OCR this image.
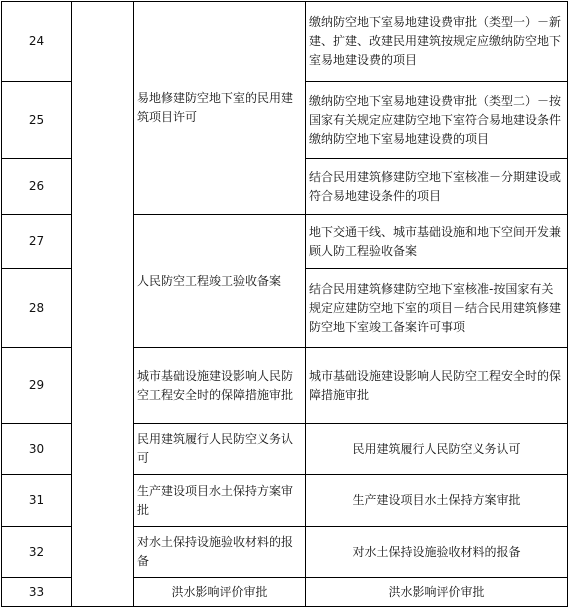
24		易地修建防空地下室的民用建筑项目许可	缴纳防空地下室易地建设费审批（类型一）－新建、扩建、改建民用建筑按规定应缴纳防空地下室易地建设费的项目
25			缴纳防空地下室易地建设费审批（类型二）－按国家有关规定应建防空地下室符合易地建设条件缴纳防空地下室易地建设费的项目
26			结合民用建筑修建防空地下室核准－分期建设或符合易地建设条件的项目
27		人民防空工程竣工验收备案	地下交通干线、城市基础设施和地下空间开发兼顾人防工程验收备案
28			结合民用建筑修建防空地下室核准-按国家有关规定应建防空地下室的项目－结合民用建筑修建防空地下室竣工备案许可事项
29		城市基础设施建设影响人民防空工程安全时的保障措施审批	城市基础设施建设影响人民防空工程安全时的保障措施审批
30		民用建筑履行人民防空义务认可	民用建筑履行人民防空义务认可
31		生产建设项目水土保持方案审批	生产建设项目水土保持方案审批
32		对水土保持设施验收材料的报备	对水土保持设施验收材料的报备
33		洪水影响评价审批	洪水影响评价审批
